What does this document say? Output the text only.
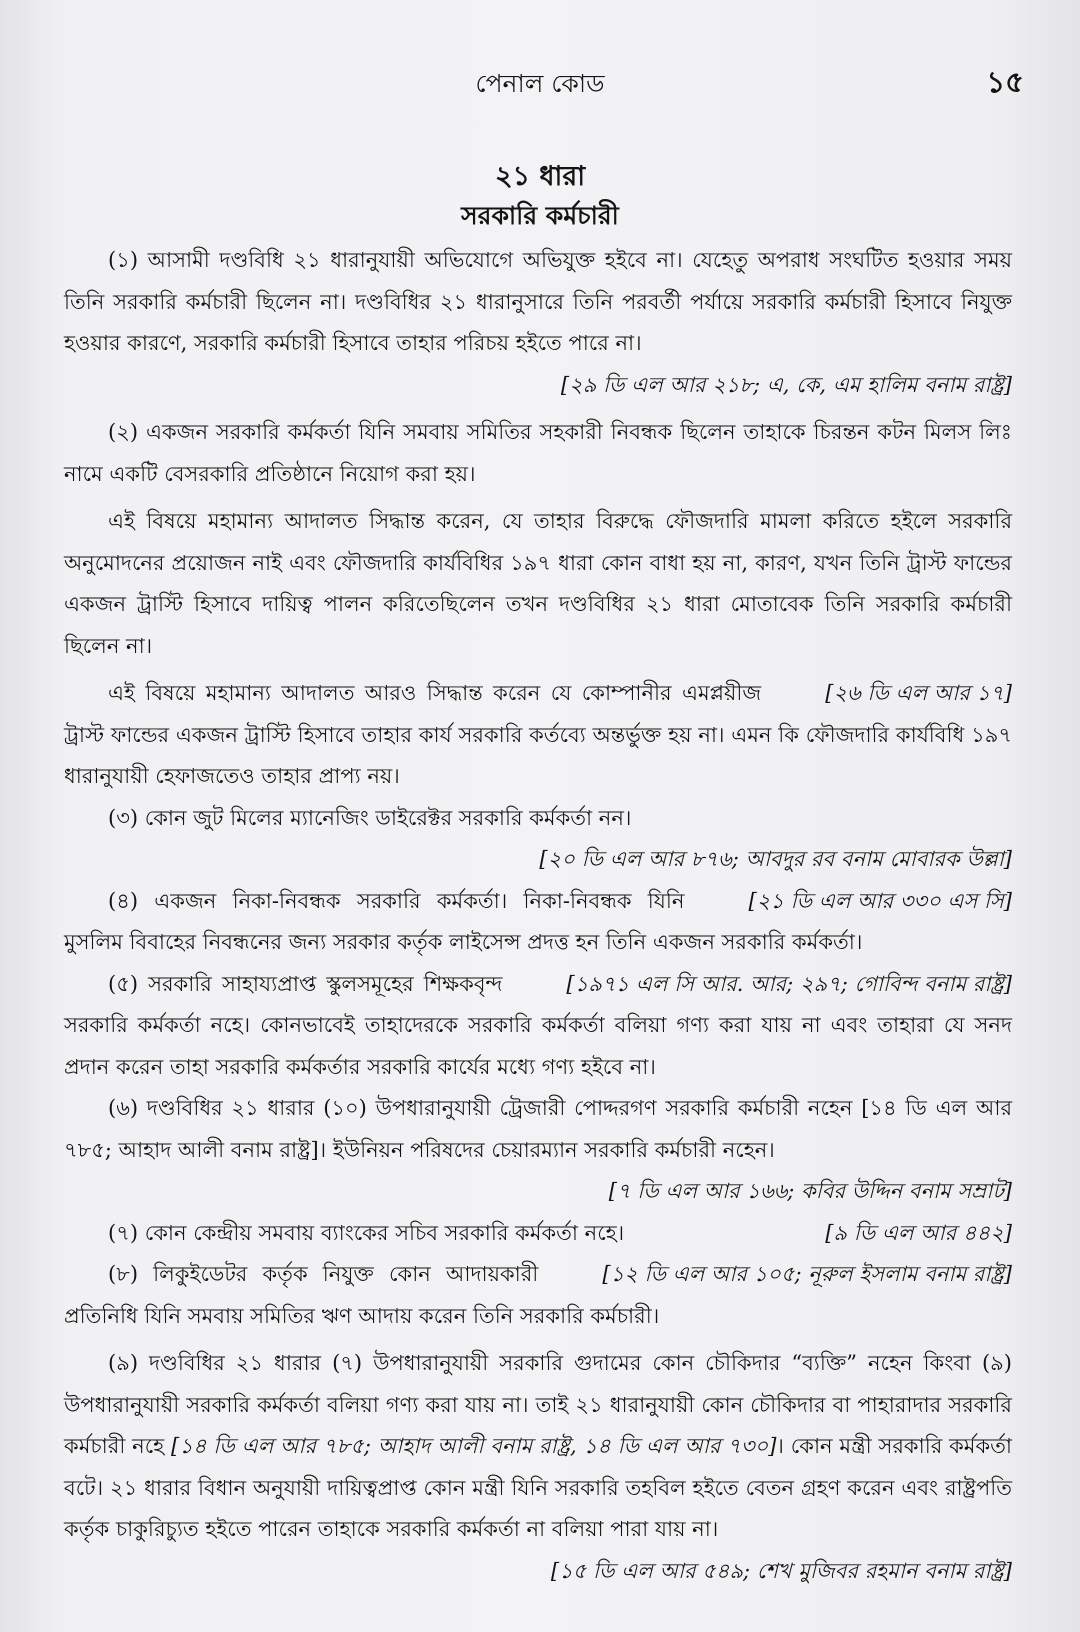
পেনাল কোড	১৫
২১ ধারা
সরকারি কর্মচারী

(১) আসামী দণ্ডবিধি ২১ ধারানুযায়ী অভিযোগে অভিযুক্ত হইবে না। যেহেতু অপরাধ সংঘটিত হওয়ার সময় তিনি সরকারি কর্মচারী ছিলেন না। দণ্ডবিধির ২১ ধারানুসারে তিনি পরবর্তী পর্যায়ে সরকারি কর্মচারী হিসাবে নিযুক্ত হওয়ার কারণে, সরকারি কর্মচারী হিসাবে তাহার পরিচয় হইতে পারে না।

[২৯ ডি এল আর ২১৮; এ, কে, এম হালিম বনাম রাষ্ট্র]

(২) একজন সরকারি কর্মকর্তা যিনি সমবায় সমিতির সহকারী নিবন্ধক ছিলেন তাহাকে চিরন্তন কটন মিলস লিঃ নামে একটি বেসরকারি প্রতিষ্ঠানে নিয়োগ করা হয়।

এই বিষয়ে মহামান্য আদালত সিদ্ধান্ত করেন, যে তাহার বিরুদ্ধে ফৌজদারি মামলা করিতে হইলে সরকারি অনুমোদনের প্রয়োজন নাই এবং ফৌজদারি কার্যবিধির ১৯৭ ধারা কোন বাধা হয় না, কারণ, যখন তিনি ট্রাস্ট ফান্ডের একজন ট্রাস্টি হিসাবে দায়িত্ব পালন করিতেছিলেন তখন দণ্ডবিধির ২১ ধারা মোতাবেক তিনি সরকারি কর্মচারী ছিলেন না।

[২৬ ডি এল আর ১৭]
এই বিষয়ে মহামান্য আদালত আরও সিদ্ধান্ত করেন যে কোম্পানীর এমপ্লয়ীজ ট্রাস্ট ফান্ডের একজন ট্রাস্টি হিসাবে তাহার কার্য সরকারি কর্তব্যে অন্তর্ভুক্ত হয় না। এমন কি ফৌজদারি কার্যবিধি ১৯৭ ধারানুযায়ী হেফাজতেও তাহার প্রাপ্য নয়।

(৩) কোন জুট মিলের ম্যানেজিং ডাইরেক্টর সরকারি কর্মকর্তা নন।

[২০ ডি এল আর ৮৭৬; আবদুর রব বনাম মোবারক উল্লা]

[২১ ডি এল আর ৩৩০ এস সি]
(৪) একজন নিকা-নিবন্ধক সরকারি কর্মকর্তা। নিকা-নিবন্ধক যিনি মুসলিম বিবাহের নিবন্ধনের জন্য সরকার কর্তৃক লাইসেন্স প্রদত্ত হন তিনি একজন সরকারি কর্মকর্তা।

[১৯৭১ এল সি আর. আর; ২৯৭; গোবিন্দ বনাম রাষ্ট্র]
(৫) সরকারি সাহায্যপ্রাপ্ত স্কুলসমূহের শিক্ষকবৃন্দ সরকারি কর্মকর্তা নহে। কোনভাবেই তাহাদেরকে সরকারি কর্মকর্তা বলিয়া গণ্য করা যায় না এবং তাহারা যে সনদ প্রদান করেন তাহা সরকারি কর্মকর্তার সরকারি কার্যের মধ্যে গণ্য হইবে না।

(৬) দণ্ডবিধির ২১ ধারার (১০) উপধারানুযায়ী ট্রেজারী পোদ্দরগণ সরকারি কর্মচারী নহেন [১৪ ডি এল আর ৭৮৫; আহাদ আলী বনাম রাষ্ট্র]। ইউনিয়ন পরিষদের চেয়ারম্যান সরকারি কর্মচারী নহেন।

[৭ ডি এল আর ১৬৬; কবির উদ্দিন বনাম সম্রাট]

[৯ ডি এল আর ৪৪২]
(৭) কোন কেন্দ্রীয় সমবায় ব্যাংকের সচিব সরকারি কর্মকর্তা নহে।

[১২ ডি এল আর ১০৫; নূরুল ইসলাম বনাম রাষ্ট্র]
(৮) লিকুইডেটর কর্তৃক নিযুক্ত কোন আদায়কারী প্রতিনিধি যিনি সমবায় সমিতির ঋণ আদায় করেন তিনি সরকারি কর্মচারী।

(৯) দণ্ডবিধির ২১ ধারার (৭) উপধারানুযায়ী সরকারি গুদামের কোন চৌকিদার “ব্যক্তি” নহেন কিংবা (৯) উপধারানুযায়ী সরকারি কর্মকর্তা বলিয়া গণ্য করা যায় না। তাই ২১ ধারানুযায়ী কোন চৌকিদার বা পাহারাদার সরকারি কর্মচারী নহে [১৪ ডি এল আর ৭৮৫; আহাদ আলী বনাম রাষ্ট্র, ১৪ ডি এল আর ৭৩০]। কোন মন্ত্রী সরকারি কর্মকর্তা বটে। ২১ ধারার বিধান অনুযায়ী দায়িত্বপ্রাপ্ত কোন মন্ত্রী যিনি সরকারি তহবিল হইতে বেতন গ্রহণ করেন এবং রাষ্ট্রপতি কর্তৃক চাকুরিচ্যুত হইতে পারেন তাহাকে সরকারি কর্মকর্তা না বলিয়া পারা যায় না।

[১৫ ডি এল আর ৫৪৯; শেখ মুজিবর রহমান বনাম রাষ্ট্র]
